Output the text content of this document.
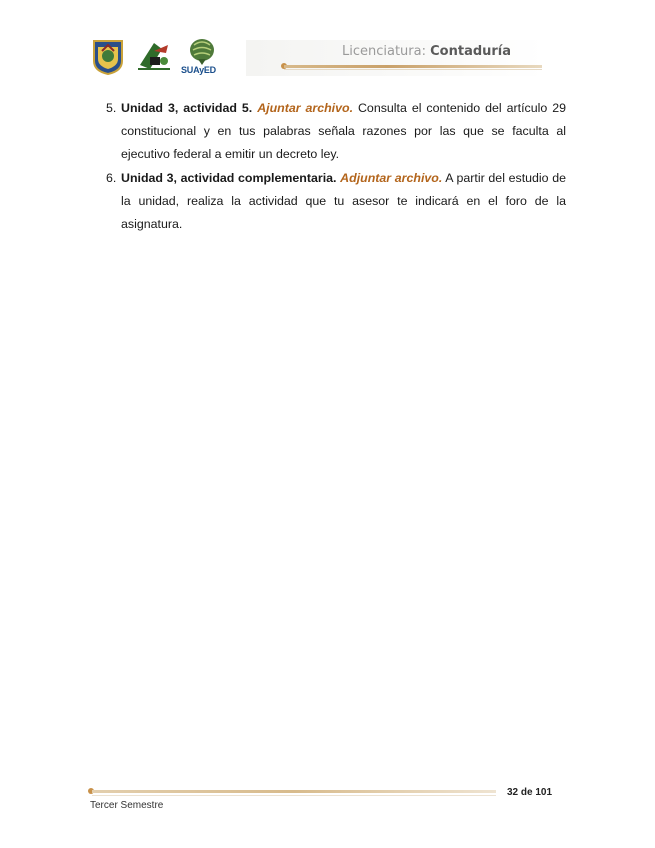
SUAyED
Licenciatura: Contaduría

5. Unidad 3, actividad 5. Ajuntar archivo. Consulta el contenido del artículo 29 constitucional y en tus palabras señala razones por las que se faculta al ejecutivo federal a emitir un decreto ley.

6. Unidad 3, actividad complementaria. Adjuntar archivo. A partir del estudio de la unidad, realiza la actividad que tu asesor te indicará en el foro de la asignatura.

32 de 101
Tercer Semestre
